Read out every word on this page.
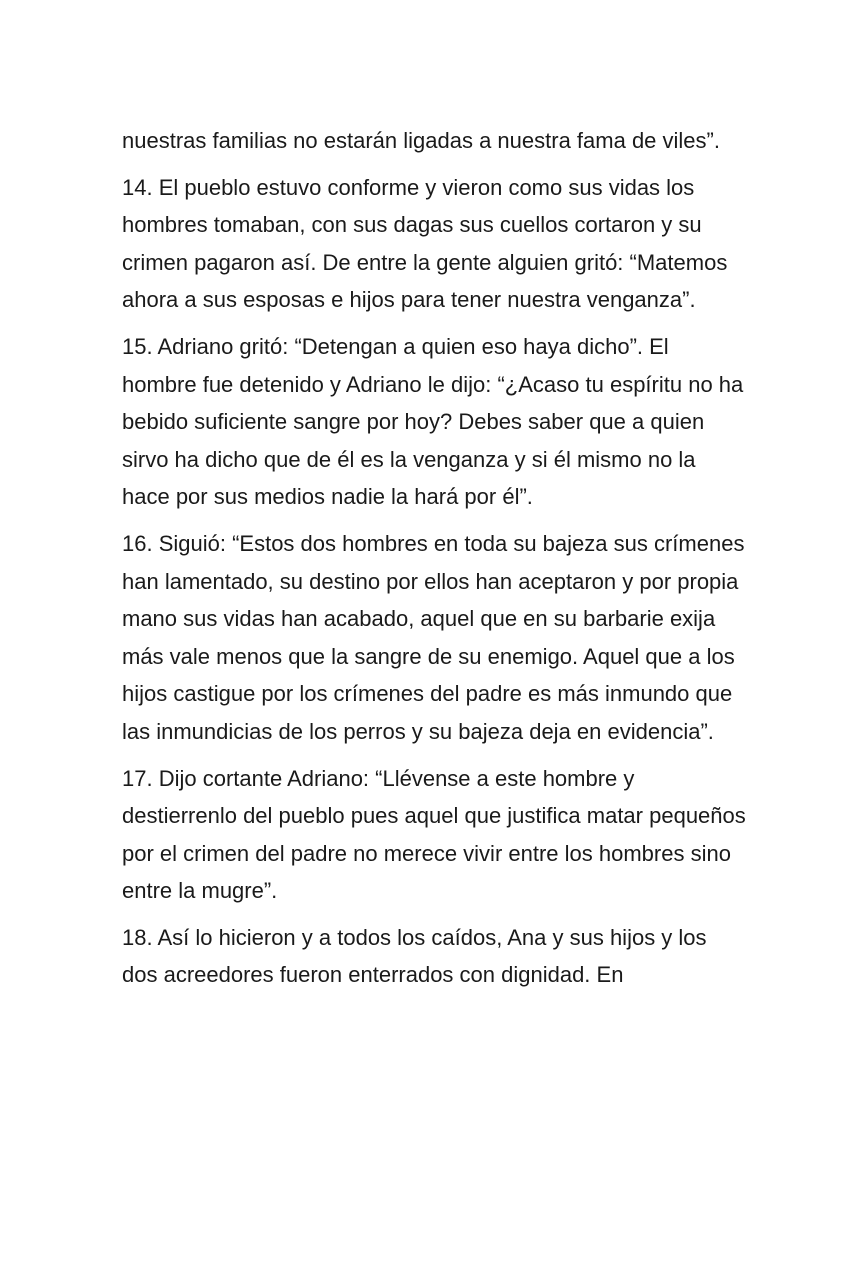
nuestras familias no estarán ligadas a nuestra fama de viles”.

14. El pueblo estuvo conforme y vieron como sus vidas los hombres tomaban, con sus dagas sus cuellos cortaron y su crimen pagaron así. De entre la gente alguien gritó: “Matemos ahora a sus esposas e hijos para tener nuestra venganza”.

15. Adriano gritó: “Detengan a quien eso haya dicho”. El hombre fue detenido y Adriano le dijo: “¿Acaso tu espíritu no ha bebido suficiente sangre por hoy? Debes saber que a quien sirvo ha dicho que de él es la venganza y si él mismo no la hace por sus medios nadie la hará por él”.

16. Siguió: “Estos dos hombres en toda su bajeza sus crímenes han lamentado, su destino por ellos han aceptaron y por propia mano sus vidas han acabado, aquel que en su barbarie exija más vale menos que la sangre de su enemigo. Aquel que a los hijos castigue por los crímenes del padre es más inmundo que las inmundicias de los perros y su bajeza deja en evidencia”.

17. Dijo cortante Adriano: “Llévense a este hombre y destierrenlo del pueblo pues aquel que justifica matar pequeños por el crimen del padre no merece vivir entre los hombres sino entre la mugre”.

18. Así lo hicieron y a todos los caídos, Ana y sus hijos y los dos acreedores fueron enterrados con dignidad. En
